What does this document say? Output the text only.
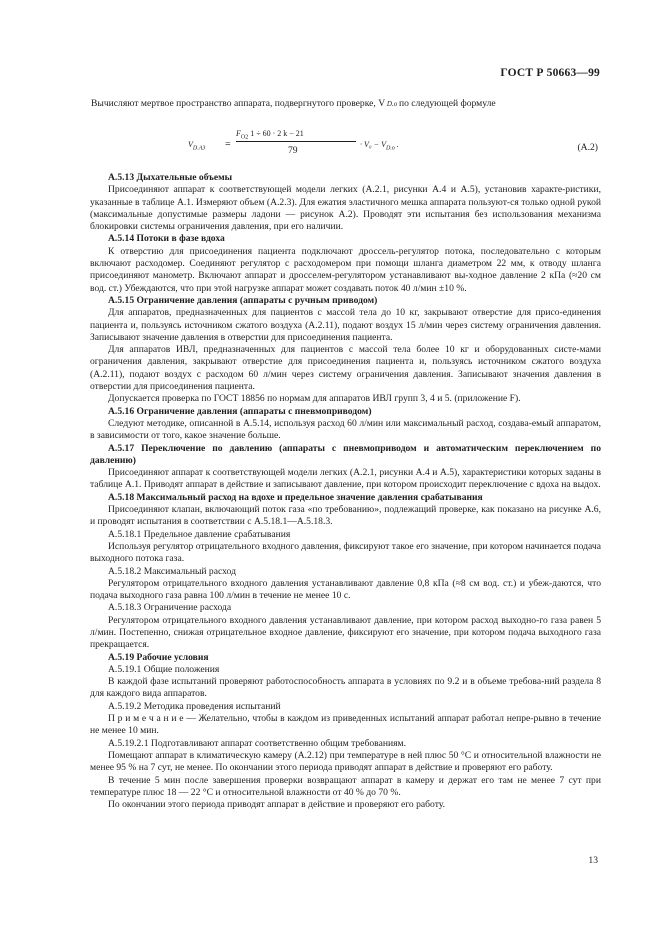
ГОСТ Р 50663—99
Вычисляют мертвое пространство аппарата, подвергнутого проверке, V D.o по следующей формуле
$V_{D.A3}$ =
$F_{O2}$ 1 ÷ 60 · 2 k − 21
79
· $V_0 - V_{D.o}$ .	(А.2)

А.5.13 Дыхательные объемы

Присоединяют аппарат к соответствующей модели легких (А.2.1, рисунки А.4 и А.5), установив характе-ристики, указанные в таблице А.1. Измеряют объем (А.2.3). Для ежатия эластичного мешка аппарата пользуют-ся только одной рукой (максимальные допустимые размеры ладони — рисунок А.2). Проводят эти испытания без использования механизма блокировки системы ограничения давления, при его наличии.

А.5.14 Потоки в фазе вдоха

К отверстию для присоединения пациента подключают дроссель-регулятор потока, последовательно с которым включают расходомер. Соединяют регулятор с расходомером при помощи шланга диаметром 22 мм, к отводу шланга присоединяют манометр. Включают аппарат и дросселем-регулятором устанавливают вы-ходное давление 2 кПа (≈20 см вод. ст.) Убеждаются, что при этой нагрузке аппарат может создавать поток 40 л/мин ±10 %.

А.5.15 Ограничение давления (аппараты с ручным приводом)

Для аппаратов, предназначенных для пациентов с массой тела до 10 кг, закрывают отверстие для присо-единения пациента и, пользуясь источником сжатого воздуха (А.2.11), подают воздух 15 л/мин через систему ограничения давления. Записывают значение давления в отверстии для присоединения пациента.

Для аппаратов ИВЛ, предназначенных для пациентов с массой тела более 10 кг и оборудованных систе-мами ограничения давления, закрывают отверстие для присоединения пациента и, пользуясь источником сжатого воздуха (А.2.11), подают воздух с расходом 60 л/мин через систему ограничения давления. Записывают значения давления в отверстии для присоединения пациента.

Допускается проверка по ГОСТ 18856 по нормам для аппаратов ИВЛ групп 3, 4 и 5. (приложение F).

А.5.16 Ограничение давления (аппараты с пневмоприводом)

Следуют методике, описанной в А.5.14, используя расход 60 л/мин или максимальный расход, создава-емый аппаратом, в зависимости от того, какое значение больше.

А.5.17 Переключение по давлению (аппараты с пневмоприводом и автоматическим переключением по давлению)

Присоединяют аппарат к соответствующей модели легких (А.2.1, рисунки А.4 и А.5), характеристики которых заданы в таблице А.1. Приводят аппарат в действие и записывают давление, при котором происходит переключение с вдоха на выдох.

А.5.18 Максимальный расход на вдохе и предельное значение давления срабатывания

Присоединяют клапан, включающий поток газа «по требованию», подлежащий проверке, как показано на рисунке А.6, и проводят испытания в соответствии с А.5.18.1—А.5.18.3.

А.5.18.1 Предельное давление срабатывания

Используя регулятор отрицательного входного давления, фиксируют такое его значение, при котором начинается подача выходного потока газа.

А.5.18.2 Максимальный расход

Регулятором отрицательного входного давления устанавливают давление 0,8 кПа (≈8 см вод. ст.) и убеж-даются, что подача выходного газа равна 100 л/мин в течение не менее 10 с.

А.5.18.3 Ограничение расхода

Регулятором отрицательного входного давления устанавливают давление, при котором расход выходно-го газа равен 5 л/мин. Постепенно, снижая отрицательное входное давление, фиксируют его значение, при котором подача выходного газа прекращается.

А.5.19 Рабочие условия

А.5.19.1 Общие положения

В каждой фазе испытаний проверяют работоспособность аппарата в условиях по 9.2 и в объеме требова-ний раздела 8 для каждого вида аппаратов.

А.5.19.2 Методика проведения испытаний

П р и м е ч а н и е — Желательно, чтобы в каждом из приведенных испытаний аппарат работал непре-рывно в течение не менее 10 мин.

А.5.19.2.1 Подготавливают аппарат соответственно общим требованиям.

Помещают аппарат в климатическую камеру (А.2.12) при температуре в ней плюс 50 °С и относительной влажности не менее 95 % на 7 сут, не менее. По окончании этого периода приводят аппарат в действие и проверяют его работу.

В течение 5 мин после завершения проверки возвращают аппарат в камеру и держат его там не менее 7 сут при температуре плюс 18 — 22 °С и относительной влажности от 40 % до 70 %.

По окончании этого периода приводят аппарат в действие и проверяют его работу.

13
